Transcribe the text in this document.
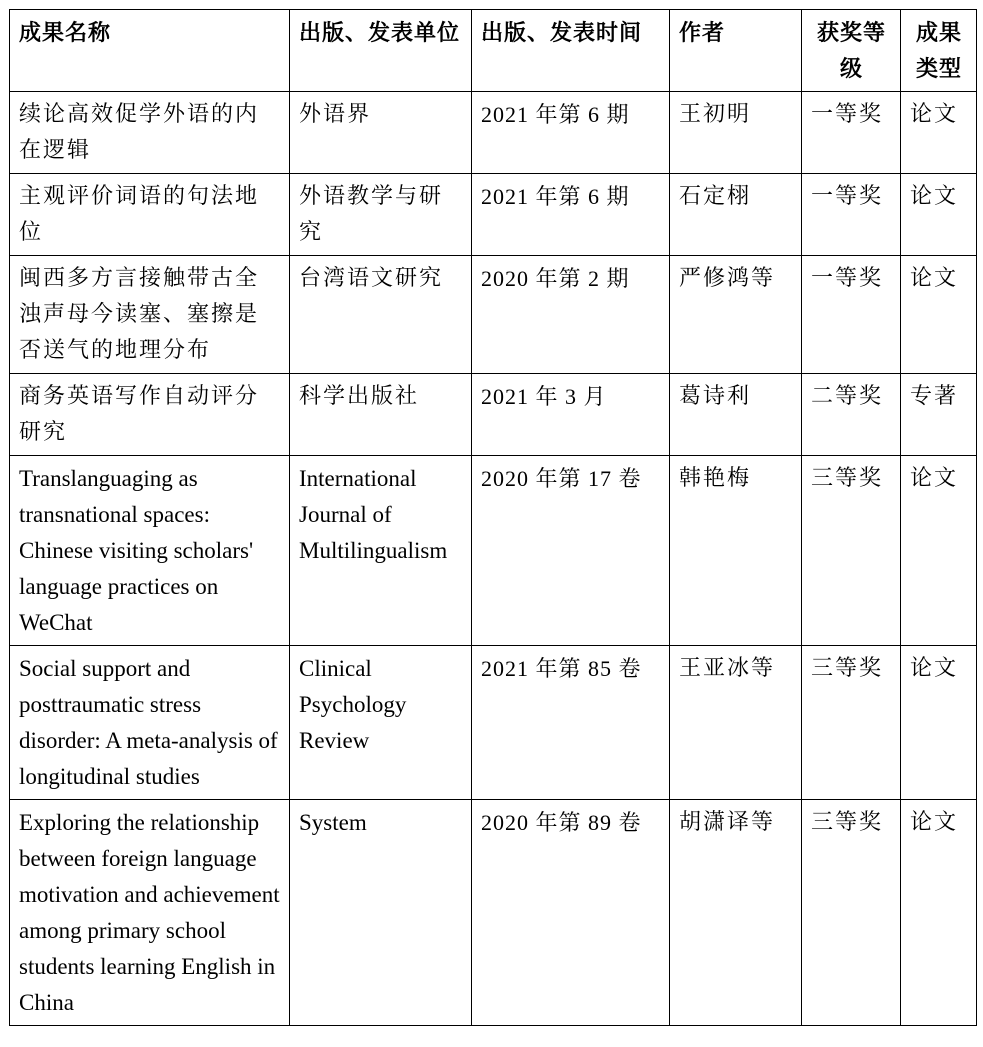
成果名称	出版、发表单位	出版、发表时间	作者	获奖等级	成果类型
续论高效促学外语的内在逻辑	外语界	2021 年第 6 期	王初明	一等奖	论文
主观评价词语的句法地位	外语教学与研究	2021 年第 6 期	石定栩	一等奖	论文
闽西多方言接触带古全浊声母今读塞、塞擦是否送气的地理分布	台湾语文研究	2020 年第 2 期	严修鸿等	一等奖	论文
商务英语写作自动评分研究	科学出版社	2021 年 3 月	葛诗利	二等奖	专著
Translanguaging as transnational spaces: Chinese visiting scholars' language practices on WeChat	International Journal of Multilingualism	2020 年第 17 卷	韩艳梅	三等奖	论文
Social support and posttraumatic stress disorder: A meta-analysis of longitudinal studies	Clinical Psychology Review	2021 年第 85 卷	王亚冰等	三等奖	论文
Exploring the relationship between foreign language motivation and achievement among primary school students learning English in China	System	2020 年第 89 卷	胡潇译等	三等奖	论文
